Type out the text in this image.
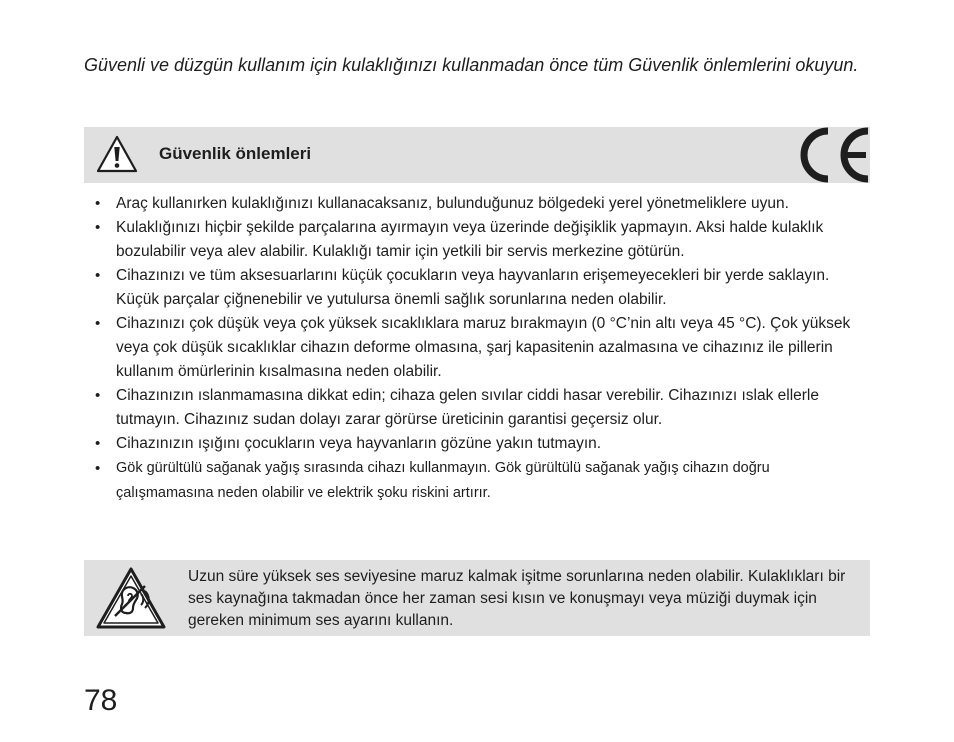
Güvenli ve düzgün kullanım için kulaklığınızı kullanmadan önce tüm Güvenlik önlemlerini okuyun.
Güvenlik önlemleri
• Araç kullanırken kulaklığınızı kullanacaksanız, bulunduğunuz bölgedeki yerel yönetmeliklere uyun.
• Kulaklığınızı hiçbir şekilde parçalarına ayırmayın veya üzerinde değişiklik yapmayın. Aksi halde kulaklık bozulabilir veya alev alabilir. Kulaklığı tamir için yetkili bir servis merkezine götürün.
• Cihazınızı ve tüm aksesuarlarını küçük çocukların veya hayvanların erişemeyecekleri bir yerde saklayın. Küçük parçalar çiğnenebilir ve yutulursa önemli sağlık sorunlarına neden olabilir.
• Cihazınızı çok düşük veya çok yüksek sıcaklıklara maruz bırakmayın (0 °C’nin altı veya 45 °C). Çok yüksek veya çok düşük sıcaklıklar cihazın deforme olmasına, şarj kapasitenin azalmasına ve cihazınız ile pillerin kullanım ömürlerinin kısalmasına neden olabilir.
• Cihazınızın ıslanmamasına dikkat edin; cihaza gelen sıvılar ciddi hasar verebilir. Cihazınızı ıslak ellerle tutmayın. Cihazınız sudan dolayı zarar görürse üreticinin garantisi geçersiz olur.
• Cihazınızın ışığını çocukların veya hayvanların gözüne yakın tutmayın.
• Gök gürültülü sağanak yağış sırasında cihazı kullanmayın. Gök gürültülü sağanak yağış cihazın doğru çalışmamasına neden olabilir ve elektrik şoku riskini artırır.
Uzun süre yüksek ses seviyesine maruz kalmak işitme sorunlarına neden olabilir. Kulaklıkları bir ses kaynağına takmadan önce her zaman sesi kısın ve konuşmayı veya müziği duymak için gereken minimum ses ayarını kullanın.
78
